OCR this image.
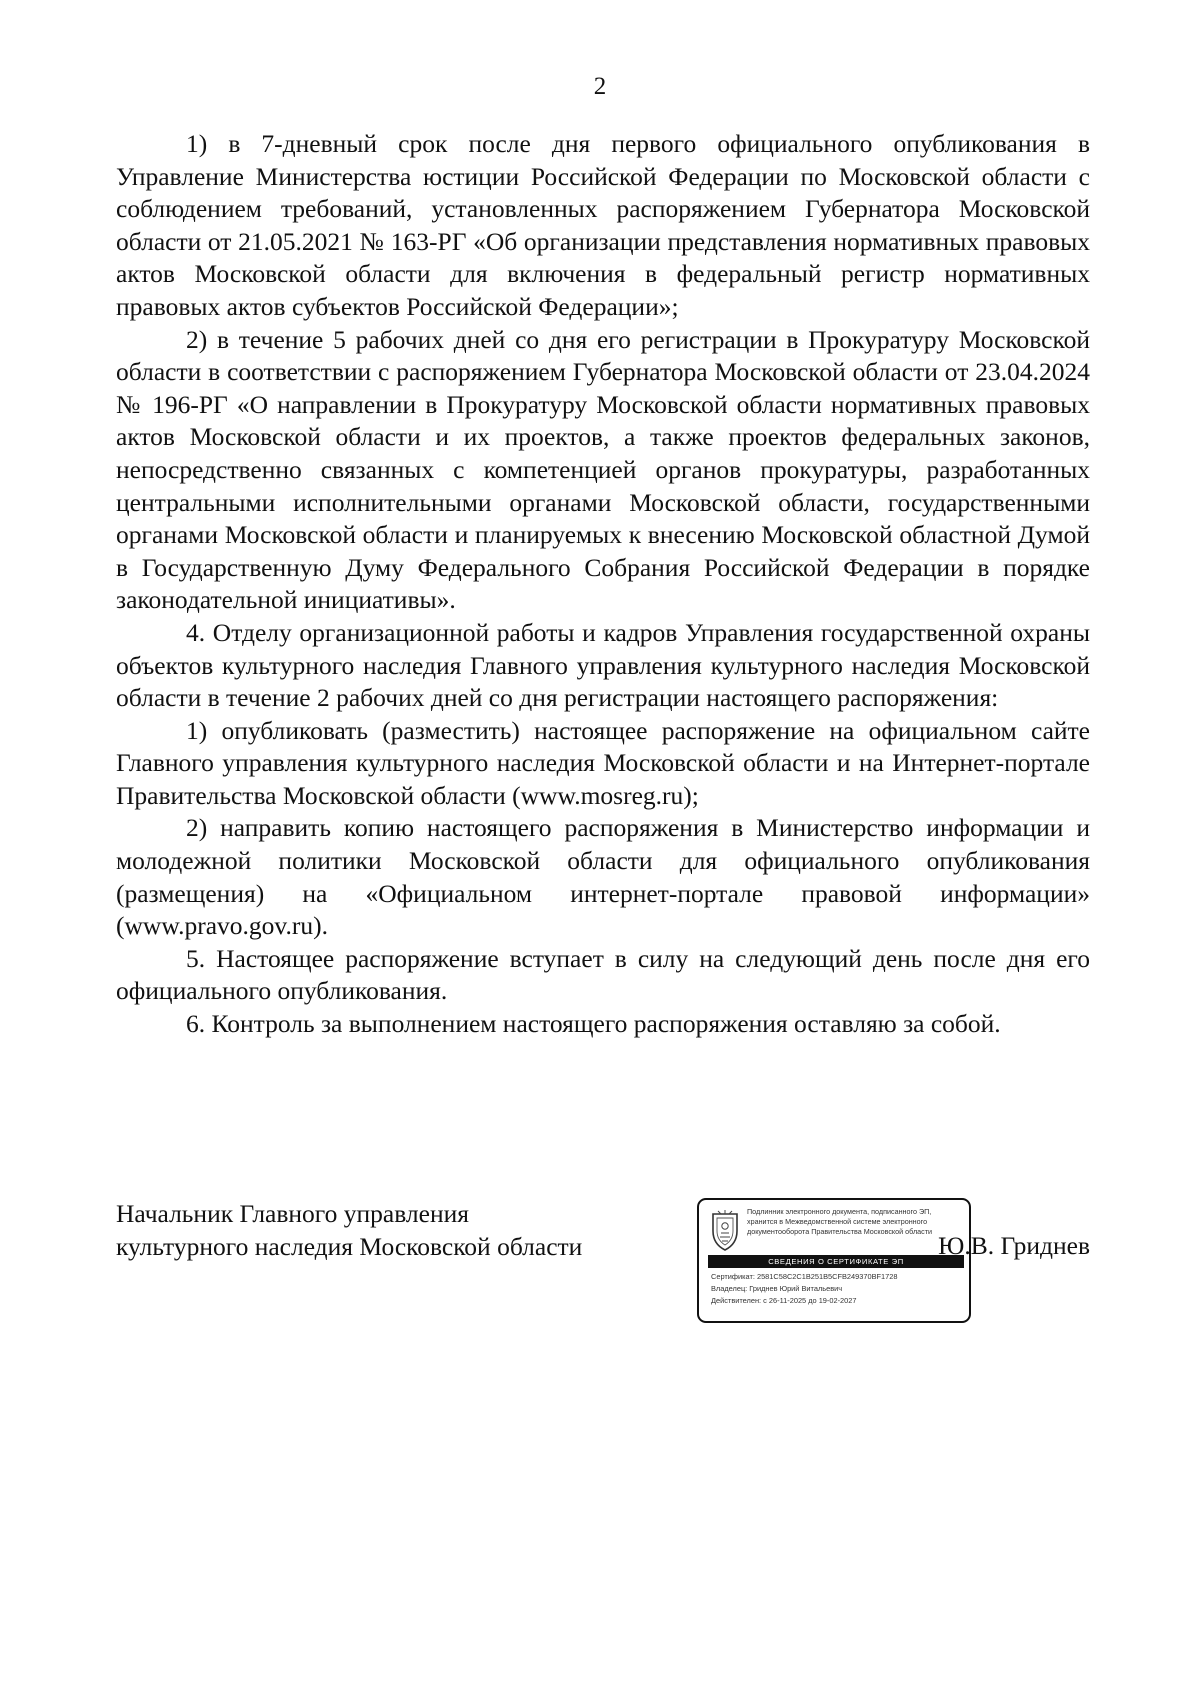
2

1) в 7-дневный срок после дня первого официального опубликования в Управление Министерства юстиции Российской Федерации по Московской области с соблюдением требований, установленных распоряжением Губернатора Московской области от 21.05.2021 № 163-РГ «Об организации представления нормативных правовых актов Московской области для включения в федеральный регистр нормативных правовых актов субъектов Российской Федерации»;

2) в течение 5 рабочих дней со дня его регистрации в Прокуратуру Московской области в соответствии с распоряжением Губернатора Московской области от 23.04.2024 № 196-РГ «О направлении в Прокуратуру Московской области нормативных правовых актов Московской области и их проектов, а также проектов федеральных законов, непосредственно связанных с компетенцией органов прокуратуры, разработанных центральными исполнительными органами Московской области, государственными органами Московской области и планируемых к внесению Московской областной Думой в Государственную Думу Федерального Собрания Российской Федерации в порядке законодательной инициативы».

4. Отделу организационной работы и кадров Управления государственной охраны объектов культурного наследия Главного управления культурного наследия Московской области в течение 2 рабочих дней со дня регистрации настоящего распоряжения:

1) опубликовать (разместить) настоящее распоряжение на официальном сайте Главного управления культурного наследия Московской области и на Интернет-портале Правительства Московской области (www.mosreg.ru);

2) направить копию настоящего распоряжения в Министерство информации и молодежной политики Московской области для официального опубликования (размещения) на «Официальном интернет-портале правовой информации» (www.pravo.gov.ru).

5. Настоящее распоряжение вступает в силу на следующий день после дня его официального опубликования.

6. Контроль за выполнением настоящего распоряжения оставляю за собой.

Начальник Главного управления
культурного наследия Московской области
Подлинник электронного документа, подписанного ЭП,
хранится в Межведомственной системе электронного
документооборота Правительства Московской области
СВЕДЕНИЯ О СЕРТИФИКАТЕ ЭП
Сертификат: 2581C58C2C1B251B5CFB249370BF1728
Владелец: Гриднев Юрий Витальевич
Действителен: с 26-11-2025 до 19-02-2027
Ю.В. Гриднев
